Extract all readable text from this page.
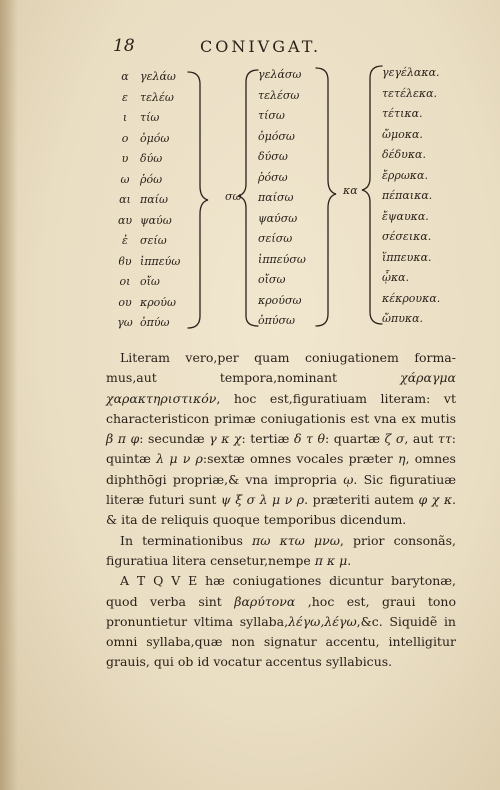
18	CONIVGAT.
α
ε
ι
ο
υ
ω
αι
αυ
ἐ
ϐυ
οι
ου
γω
γελάω
τελέω
τίω
ὀμόω
δύω
ῥόω
παίω
ψαύω
σείω
ἱππεύω
οἴω
κρούω
ὀπύω
σω
γελάσω
τελέσω
τίσω
ὀμόσω
δύσω
ῥόσω
παίσω
ψαύσω
σείσω
ἱππεύσω
οἴσω
κρούσω
ὀπύσω
κα
γεγέλακα.
τετέλεκα.
τέτικα.
ὤμοκα.
δέδυκα.
ἔρρωκα.
πέπαικα.
ἔψαυκα.
σέσεικα.
ἵππευκα.
ᾦκα.
κέκρουκα.
ὤπυκα.

Literam vero,per quam coniugationem forma-mus,aut tempora,nominant χάραγμα χαρακτηριστικόν, hoc est,figuratiuam literam: vt characteristicon primæ coniugationis est vna ex mutis β π φ: secundæ γ κ χ: tertiæ δ τ θ: quartæ ζ σ, aut ττ: quintæ λ μ ν ρ:sextæ omnes vocales præter η, omnes diphthōgi propriæ,& vna impropria ῳ. Sic figuratiuæ literæ futuri sunt ψ ξ σ λ μ ν ρ. præteriti autem φ χ κ. & ita de reliquis quoque temporibus dicendum.

In terminationibus πω κτω μνω, prior consonãs, figuratiua litera censetur,nempe π κ μ.

A T Q V E hæ coniugationes dicuntur barytonæ, quod verba sint βαρύτονα ,hoc est, graui tono pronuntietur vltima syllaba,λέγω,λέγω,&c. Siquidẽ in omni syllaba,quæ non signatur accentu, intelligitur grauis, qui ob id vocatur accentus syllabicus.
